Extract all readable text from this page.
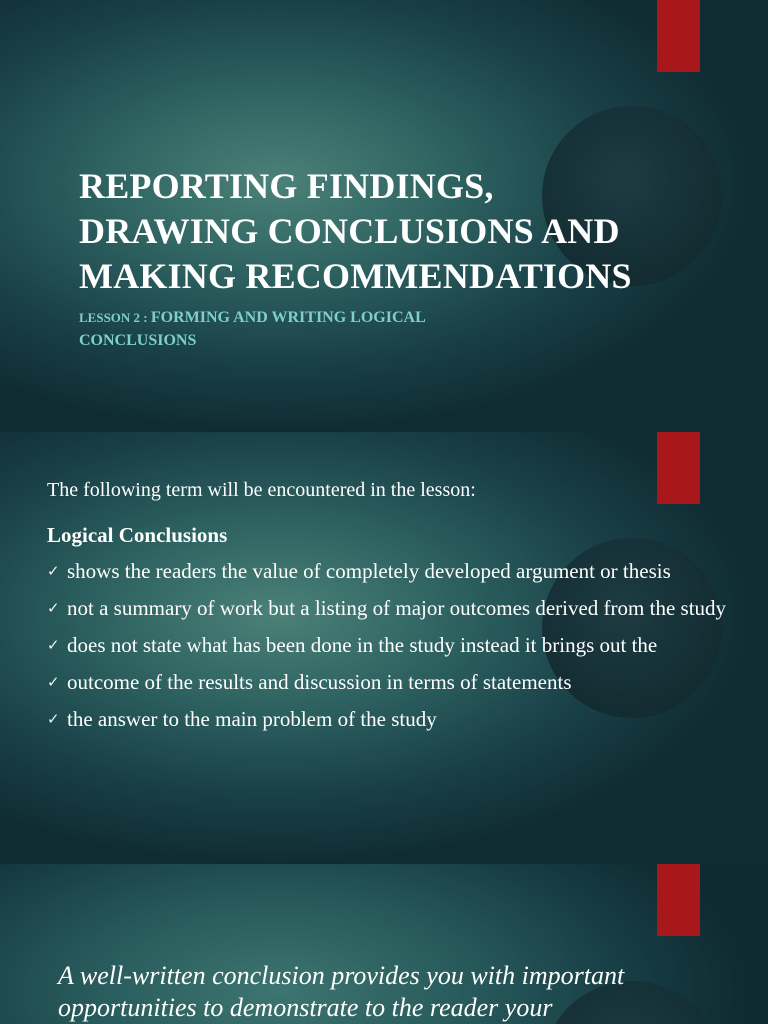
REPORTING FINDINGS,
DRAWING CONCLUSIONS AND
MAKING RECOMMENDATIONS
LESSON 2 : FORMING AND WRITING LOGICAL CONCLUSIONS
The following term will be encountered in the lesson:
Logical Conclusions
✓ shows the readers the value of completely developed argument or thesis
✓ not a summary of work but a listing of major outcomes derived from the study
✓ does not state what has been done in the study instead it brings out the
✓ outcome of the results and discussion in terms of statements
✓ the answer to the main problem of the study
A well-written conclusion provides you with important
opportunities to demonstrate to the reader your
